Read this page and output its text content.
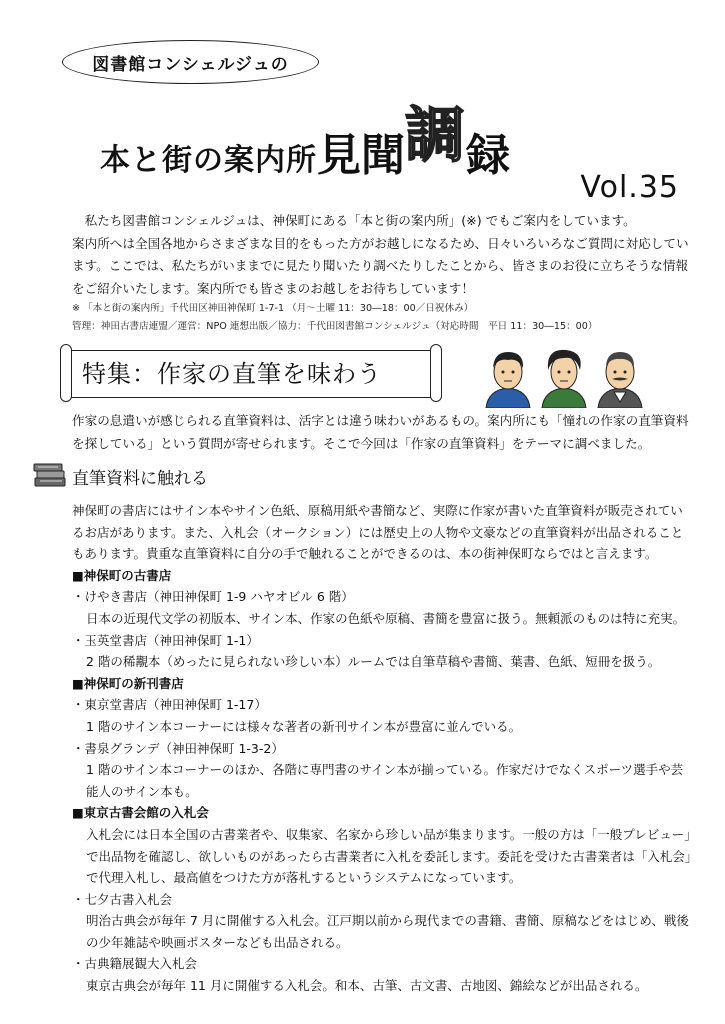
図書館コンシェルジュの
本と街の案内所見聞調録
Vol.35

私たち図書館コンシェルジュは、神保町にある「本と街の案内所」(※) でもご案内をしています。

案内所へは全国各地からさまざまな目的をもった方がお越しになるため、日々いろいろなご質問に対応しています。ここでは、私たちがいままでに見たり聞いたり調べたりしたことから、皆さまのお役に立ちそうな情報をご紹介いたします。案内所でも皆さまのお越しをお待ちしています！

※ 「本と街の案内所」千代田区神田神保町 1-7-1 （月～土曜 11：30―18：00／日祝休み）
管理：神田古書店連盟／運営：NPO 連想出版／協力：千代田図書館コンシェルジュ（対応時間　平日 11：30―15：00）
特集：作家の直筆を味わう

作家の息遣いが感じられる直筆資料は、活字とは違う味わいがあるもの。案内所にも「憧れの作家の直筆資料を探している」という質問が寄せられます。そこで今回は「作家の直筆資料」をテーマに調べました。

直筆資料に触れる

神保町の書店にはサイン本やサイン色紙、原稿用紙や書簡など、実際に作家が書いた直筆資料が販売されているお店があります。また、入札会（オークション）には歴史上の人物や文豪などの直筆資料が出品されることもあります。貴重な直筆資料に自分の手で触れることができるのは、本の街神保町ならではと言えます。

■神保町の古書店

・けやき書店（神田神保町 1-9 ハヤオビル 6 階）

日本の近現代文学の初版本、サイン本、作家の色紙や原稿、書簡を豊富に扱う。無頼派のものは特に充実。

・玉英堂書店（神田神保町 1-1）

2 階の稀覯本（めったに見られない珍しい本）ルームでは自筆草稿や書簡、葉書、色紙、短冊を扱う。

■神保町の新刊書店

・東京堂書店（神田神保町 1-17）

1 階のサイン本コーナーには様々な著者の新刊サイン本が豊富に並んでいる。

・書泉グランデ（神田神保町 1-3-2）

1 階のサイン本コーナーのほか、各階に専門書のサイン本が揃っている。作家だけでなくスポーツ選手や芸能人のサイン本も。

■東京古書会館の入札会

入札会には日本全国の古書業者や、収集家、名家から珍しい品が集まります。一般の方は「一般プレビュー」で出品物を確認し、欲しいものがあったら古書業者に入札を委託します。委託を受けた古書業者は「入札会」で代理入札し、最高値をつけた方が落札するというシステムになっています。

・七夕古書入札会

明治古典会が毎年 7 月に開催する入札会。江戸期以前から現代までの書籍、書簡、原稿などをはじめ、戦後の少年雑誌や映画ポスターなども出品される。

・古典籍展観大入札会

東京古典会が毎年 11 月に開催する入札会。和本、古筆、古文書、古地図、錦絵などが出品される。
